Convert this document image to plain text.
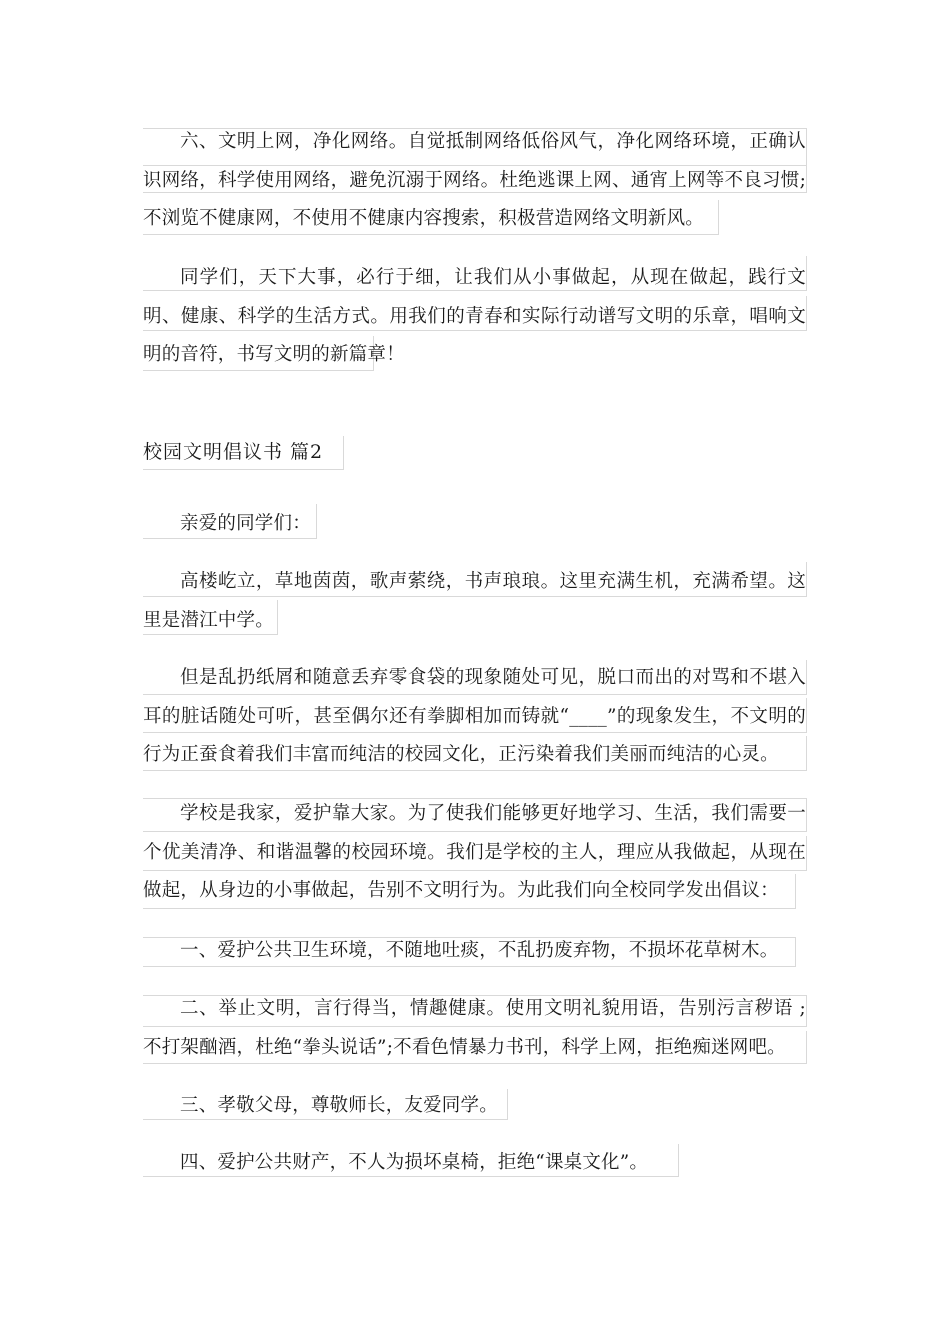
六、文明上网，净化网络。自觉抵制网络低俗风气，净化网络环境，正确认识网络，科学使用网络，避免沉溺于网络。杜绝逃课上网、通宵上网等不良习惯;不浏览不健康网，不使用不健康内容搜索，积极营造网络文明新风。

同学们，天下大事，必行于细，让我们从小事做起，从现在做起，践行文明、健康、科学的生活方式。用我们的青春和实际行动谱写文明的乐章，唱响文明的音符，书写文明的新篇章！

校园文明倡议书 篇2

亲爱的同学们：

高楼屹立，草地茵茵，歌声萦绕，书声琅琅。这里充满生机，充满希望。这里是潜江中学。

但是乱扔纸屑和随意丢弃零食袋的现象随处可见，脱口而出的对骂和不堪入耳的脏话随处可听，甚至偶尔还有拳脚相加而铸就“____”的现象发生，不文明的行为正蚕食着我们丰富而纯洁的校园文化，正污染着我们美丽而纯洁的心灵。

学校是我家，爱护靠大家。为了使我们能够更好地学习、生活，我们需要一个优美清净、和谐温馨的校园环境。我们是学校的主人，理应从我做起，从现在做起，从身边的小事做起，告别不文明行为。为此我们向全校同学发出倡议：

一、爱护公共卫生环境，不随地吐痰，不乱扔废弃物，不损坏花草树木。

二、举止文明，言行得当，情趣健康。使用文明礼貌用语，告别污言秽语 ;不打架酗酒，杜绝“拳头说话”;不看色情暴力书刊，科学上网，拒绝痴迷网吧。

三、孝敬父母，尊敬师长，友爱同学。

四、爱护公共财产，不人为损坏桌椅，拒绝“课桌文化”。
